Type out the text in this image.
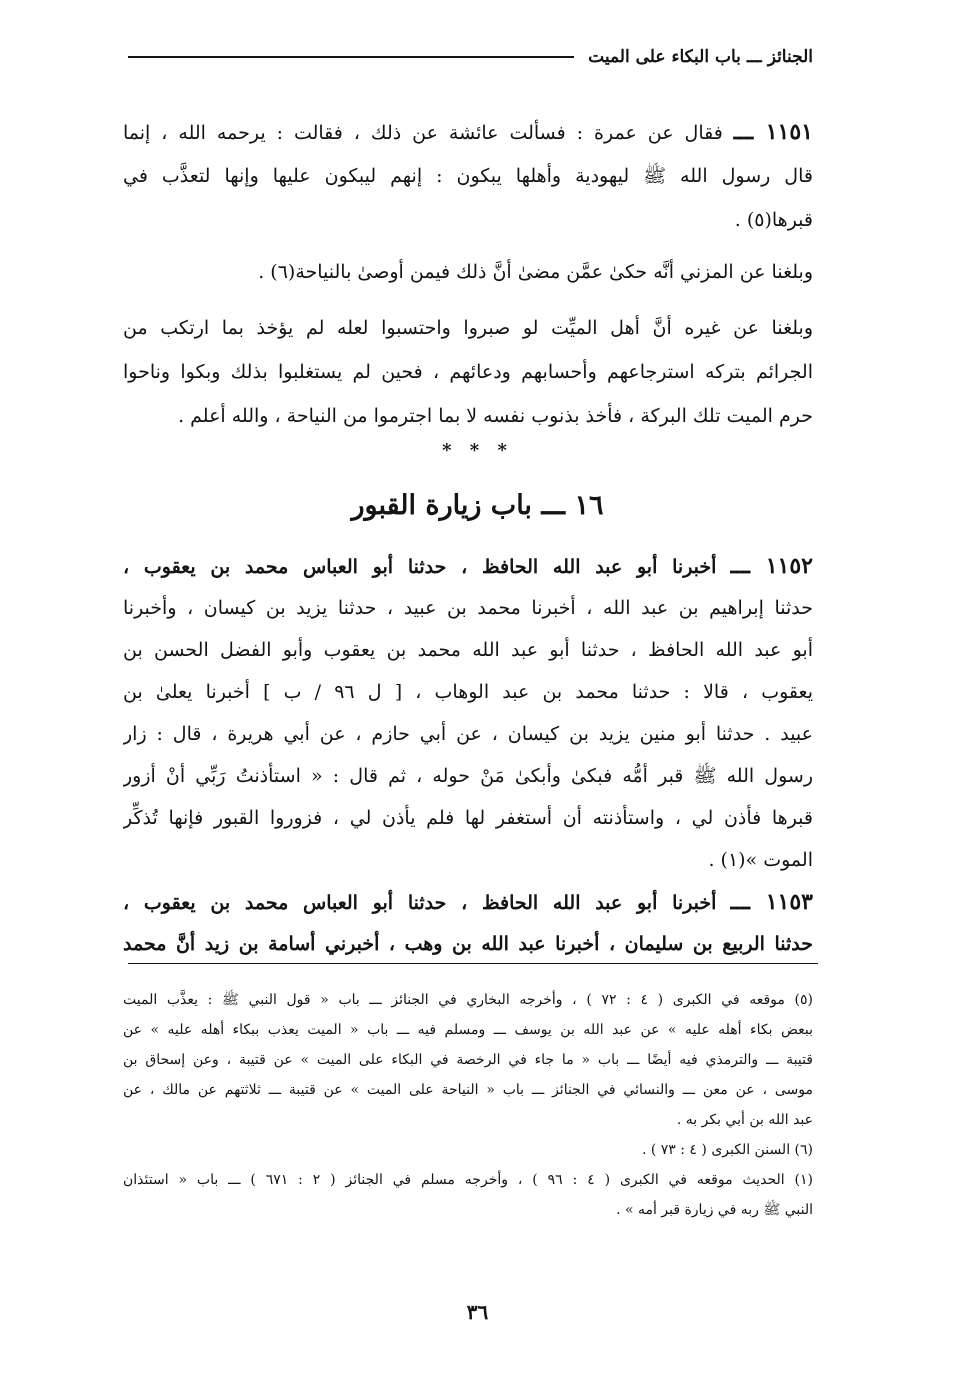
الجنائز ـــ باب البكاء على الميت
١١٥١ ـــ فقال عن عمرة : فسألت عائشة عن ذلك ، فقالت : يرحمه الله ، إنما
قال رسول الله ﷺ ليهودية وأهلها يبكون : إنهم ليبكون عليها وإنها لتعذَّب في
قبرها(٥) .
وبلغنا عن المزني أنَّه حكىٰ عمَّن مضىٰ أنَّ ذلك فيمن أوصىٰ بالنياحة(٦) .
وبلغنا عن غيره أنَّ أهل الميِّت لو صبروا واحتسبوا لعله لم يؤخذ بما ارتكب من
الجرائم بتركه استرجاعهم وأحسابهم ودعائهم ، فحين لم يستغلبوا بذلك وبكوا وناحوا
حرم الميت تلك البركة ، فأخذ بذنوب نفسه لا بما اجترموا من النياحة ، والله أعلم .
* * *
١٦ ـــ باب زيارة القبور
١١٥٢ ـــ أخبرنا أبو عبد الله الحافظ ، حدثنا أبو العباس محمد بن يعقوب ،
حدثنا إبراهيم بن عبد الله ، أخبرنا محمد بن عبيد ، حدثنا يزيد بن كيسان ، وأخبرنا
أبو عبد الله الحافظ ، حدثنا أبو عبد الله محمد بن يعقوب وأبو الفضل الحسن بن
يعقوب ، قالا : حدثنا محمد بن عبد الوهاب ، [ ل ٩٦ / ب ] أخبرنا يعلىٰ بن
عبيد . حدثنا أبو منين يزيد بن كيسان ، عن أبي حازم ، عن أبي هريرة ، قال : زار
رسول الله ﷺ قبر أمُّه فبكىٰ وأبكىٰ مَنْ حوله ، ثم قال : « استأذنتُ رَبِّي أنْ أزور
قبرها فأذن لي ، واستأذنته أن أستغفر لها فلم يأذن لي ، فزوروا القبور فإنها تُذكِّر
الموت »(١) .
١١٥٣ ـــ أخبرنا أبو عبد الله الحافظ ، حدثنا أبو العباس محمد بن يعقوب ،
حدثنا الربيع بن سليمان ، أخبرنا عبد الله بن وهب ، أخبرني أسامة بن زيد أنَّ محمد
(٥) موقعه في الكبرى ( ٤ : ٧٢ ) ، وأخرجه البخاري في الجنائز ـــ باب « قول النبي ﷺ : يعذَّب الميت
ببعض بكاء أهله عليه » عن عبد الله بن يوسف ـــ ومسلم فيه ـــ باب « الميت يعذب ببكاء أهله عليه » عن
قتيبة ـــ والترمذي فيه أيضًا ـــ باب « ما جاء في الرخصة في البكاء على الميت » عن قتيبة ، وعن إسحاق بن
موسى ، عن معن ـــ والنسائي في الجنائز ـــ باب « النياحة على الميت » عن قتيبة ـــ ثلاثتهم عن مالك ، عن
عبد الله بن أبي بكر به .
(٦) السنن الكبرى ( ٤ : ٧٣ ) .
(١) الحديث موقعه في الكبرى ( ٤ : ٩٦ ) ، وأخرجه مسلم في الجنائز ( ٢ : ٦٧١ ) ـــ باب « استئذان
النبي ﷺ ربه في زيارة قبر أمه » .
٣٦
